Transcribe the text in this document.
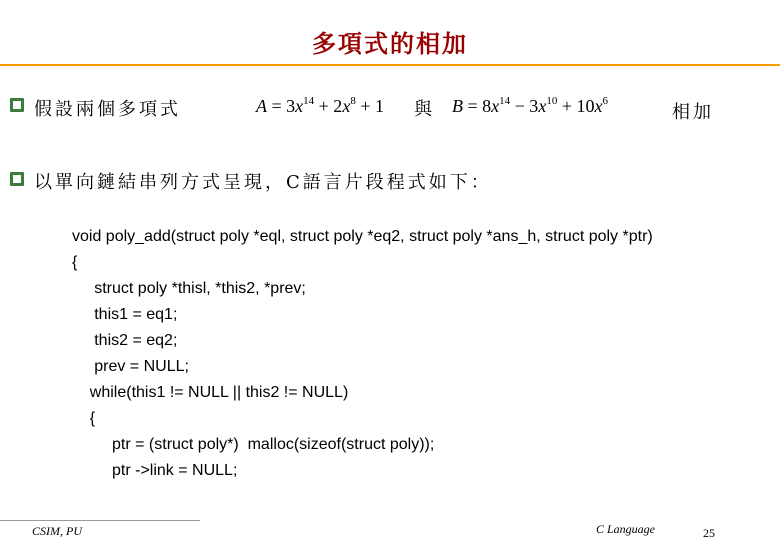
多項式的相加
假設兩個多項式	$A = 3x^{14} + 2x^8 + 1$ 與 $B = 8x^{14} - 3x^{10} + 10x^6$
相加
以單向鏈結串列方式呈現，C語言片段程式如下：
void poly_add(struct poly *eql, struct poly *eq2, struct poly *ans_h, struct poly *ptr)
{
struct poly *thisl, *this2, *prev;
this1 = eq1;
this2 = eq2;
prev = NULL;
while(this1 != NULL || this2 != NULL)
{
ptr = (struct poly*)  malloc(sizeof(struct poly));
ptr ->link = NULL;
CSIM, PU	C Language	25
